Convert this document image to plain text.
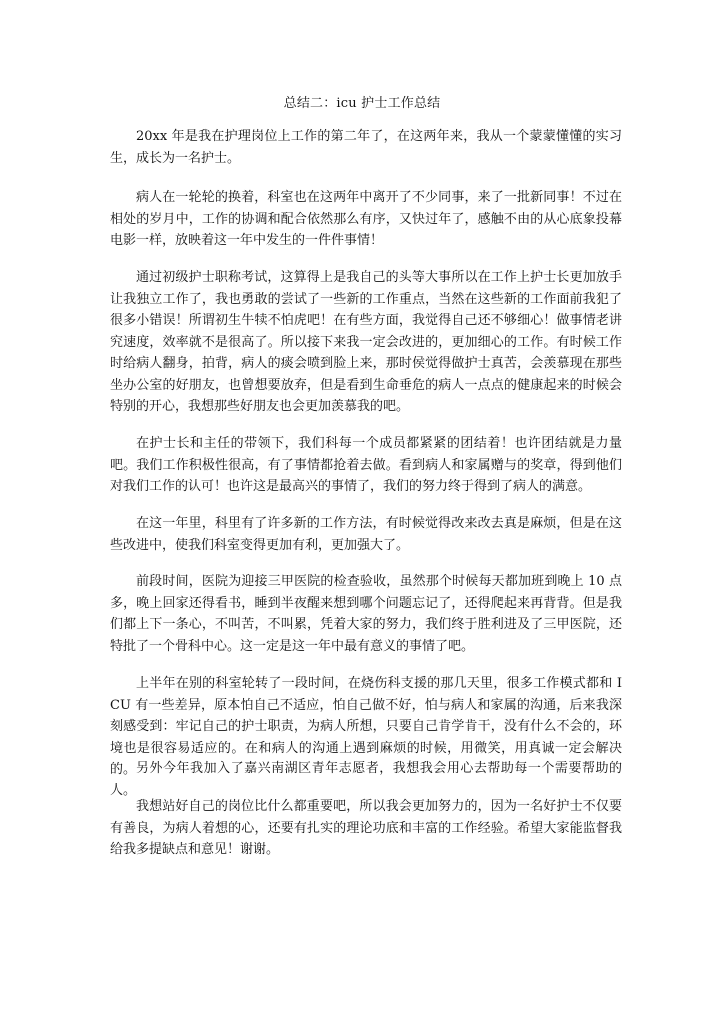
总结二：icu 护士工作总结

20xx 年是我在护理岗位上工作的第二年了，在这两年来，我从一个蒙蒙懂懂的实习生，成长为一名护士。

病人在一轮轮的换着，科室也在这两年中离开了不少同事，来了一批新同事！不过在相处的岁月中，工作的协调和配合依然那么有序，又快过年了，感触不由的从心底象投幕电影一样，放映着这一年中发生的一件件事情！

通过初级护士职称考试，这算得上是我自己的头等大事所以在工作上护士长更加放手让我独立工作了，我也勇敢的尝试了一些新的工作重点，当然在这些新的工作面前我犯了很多小错误！所谓初生牛犊不怕虎吧！在有些方面，我觉得自己还不够细心！做事情老讲究速度，效率就不是很高了。所以接下来我一定会改进的，更加细心的工作。有时候工作时给病人翻身，拍背，病人的痰会喷到脸上来，那时侯觉得做护士真苦，会羡慕现在那些坐办公室的好朋友，也曾想要放弃，但是看到生命垂危的病人一点点的健康起来的时候会特别的开心，我想那些好朋友也会更加羡慕我的吧。

在护士长和主任的带领下，我们科每一个成员都紧紧的团结着！也许团结就是力量吧。我们工作积极性很高，有了事情都抢着去做。看到病人和家属赠与的奖章，得到他们对我们工作的认可！也许这是最高兴的事情了，我们的努力终于得到了病人的满意。

在这一年里，科里有了许多新的工作方法，有时候觉得改来改去真是麻烦，但是在这些改进中，使我们科室变得更加有利，更加强大了。

前段时间，医院为迎接三甲医院的检查验收，虽然那个时候每天都加班到晚上 10 点多，晚上回家还得看书，睡到半夜醒来想到哪个问题忘记了，还得爬起来再背背。但是我们都上下一条心，不叫苦，不叫累，凭着大家的努力，我们终于胜利进及了三甲医院，还特批了一个骨科中心。这一定是这一年中最有意义的事情了吧。

上半年在别的科室轮转了一段时间，在烧伤科支援的那几天里，很多工作模式都和 ICU 有一些差异，原本怕自己不适应，怕自己做不好，怕与病人和家属的沟通，后来我深刻感受到：牢记自己的护士职责，为病人所想，只要自己肯学肯干，没有什么不会的，环境也是很容易适应的。在和病人的沟通上遇到麻烦的时候，用微笑，用真诚一定会解决的。 另外今年我加入了嘉兴南湖区青年志愿者，我想我会用心去帮助每一个需要帮助的人。

我想站好自己的岗位比什么都重要吧，所以我会更加努力的，因为一名好护士不仅要有善良，为病人着想的心，还要有扎实的理论功底和丰富的工作经验。希望大家能监督我给我多提缺点和意见！谢谢。
